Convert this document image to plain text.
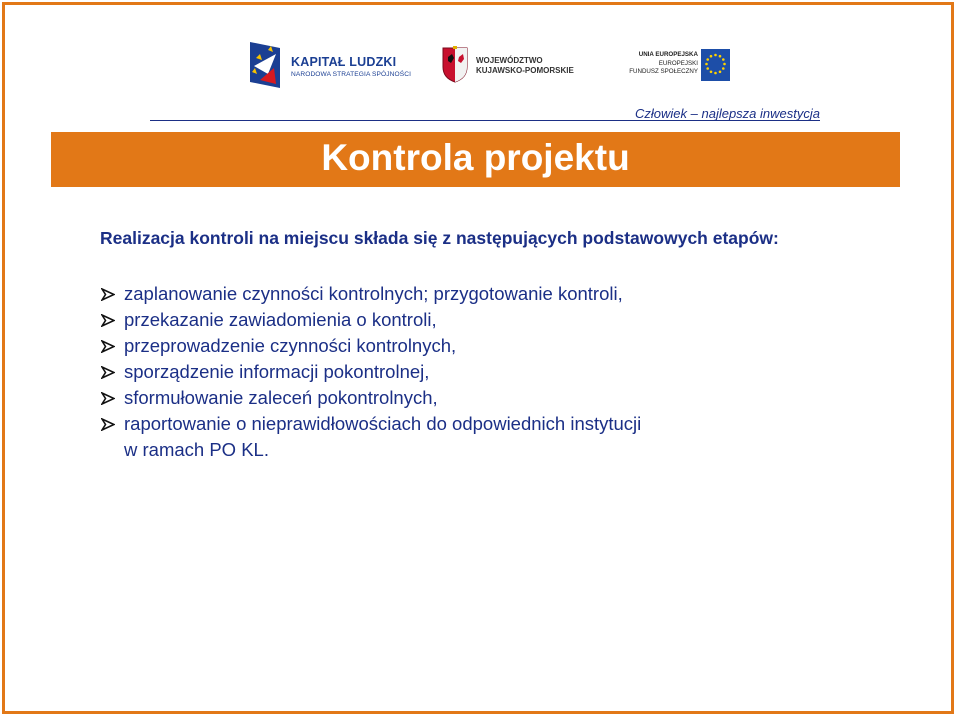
KAPITAŁ LUDZKI
NARODOWA STRATEGIA SPÓJNOŚCI
WOJEWÓDZTWO
KUJAWSKO-POMORSKIE
UNIA EUROPEJSKA
EUROPEJSKI
FUNDUSZ SPOŁECZNY
Człowiek – najlepsza inwestycja
Kontrola projektu
Realizacja kontroli na miejscu składa się z następujących podstawowych etapów:
zaplanowanie czynności kontrolnych; przygotowanie kontroli,
przekazanie zawiadomienia o kontroli,
przeprowadzenie czynności kontrolnych,
sporządzenie informacji pokontrolnej,
sformułowanie zaleceń pokontrolnych,
raportowanie o nieprawidłowościach do odpowiednich instytucji
w ramach PO KL.
